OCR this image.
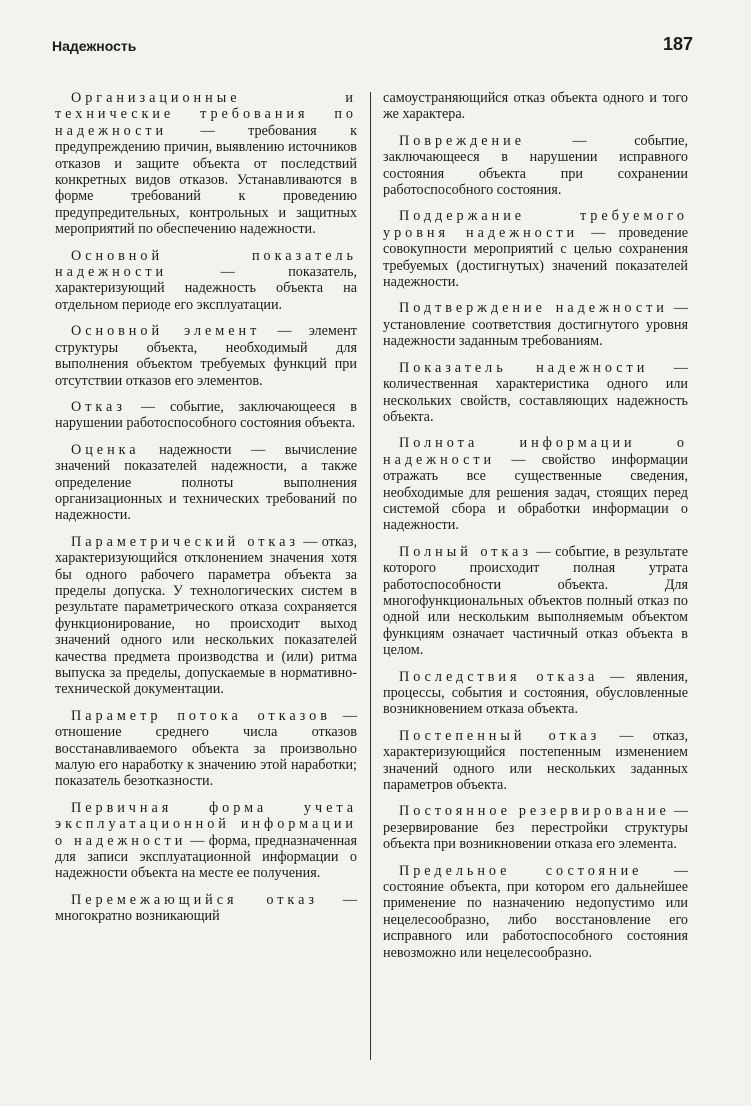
Надежность	187

Организационные и технические требования по надежности — требования к предупреждению причин, выявлению источников отказов и защите объекта от последствий конкретных видов отказов. Устанавливаются в форме требований к проведению предупредительных, контрольных и защитных мероприятий по обеспечению надежности.

Основной показатель надежности — показатель, характеризующий надежность объекта на отдельном периоде его эксплуатации.

Основной элемент — элемент структуры объекта, необходимый для выполнения объектом требуемых функций при отсутствии отказов его элементов.

Отказ — событие, заключающееся в нарушении работоспособного состояния объекта.

Оценка надежности — вычисление значений показателей надежности, а также определение полноты выполнения организационных и технических требований по надежности.

Параметрический отказ — отказ, характеризующийся отклонением значения хотя бы одного рабочего параметра объекта за пределы допуска. У технологических систем в результате параметрического отказа сохраняется функционирование, но происходит выход значений одного или нескольких показателей качества предмета производства и (или) ритма выпуска за пределы, допускаемые в нормативно-технической документации.

Параметр потока отказов — отношение среднего числа отказов восстанавливаемого объекта за произвольно малую его наработку к значению этой наработки; показатель безотказности.

Первичная форма учета эксплуатационной информации о надежности — форма, предназначенная для записи эксплуатационной информации о надежности объекта на месте ее получения.

Перемежающийся отказ — многократно возникающий

самоустраняющийся отказ объекта одного и того же характера.

Повреждение — событие, заключающееся в нарушении исправного состояния объекта при сохранении работоспособного состояния.

Поддержание требуемого уровня надежности — проведение совокупности мероприятий с целью сохранения требуемых (достигнутых) значений показателей надежности.

Подтверждение надежности — установление соответствия достигнутого уровня надежности заданным требованиям.

Показатель надежности — количественная характеристика одного или нескольких свойств, составляющих надежность объекта.

Полнота информации о надежности — свойство информации отражать все существенные сведения, необходимые для решения задач, стоящих перед системой сбора и обработки информации о надежности.

Полный отказ — событие, в результате которого происходит полная утрата работоспособности объекта. Для многофункциональных объектов полный отказ по одной или нескольким выполняемым объектом функциям означает частичный отказ объекта в целом.

Последствия отказа — явления, процессы, события и состояния, обусловленные возникновением отказа объекта.

Постепенный отказ — отказ, характеризующийся постепенным изменением значений одного или нескольких заданных параметров объекта.

Постоянное резервирование — резервирование без перестройки структуры объекта при возникновении отказа его элемента.

Предельное состояние — состояние объекта, при котором его дальнейшее применение по назначению недопустимо или нецелесообразно, либо восстановление его исправного или работоспособного состояния невозможно или нецелесообразно.
